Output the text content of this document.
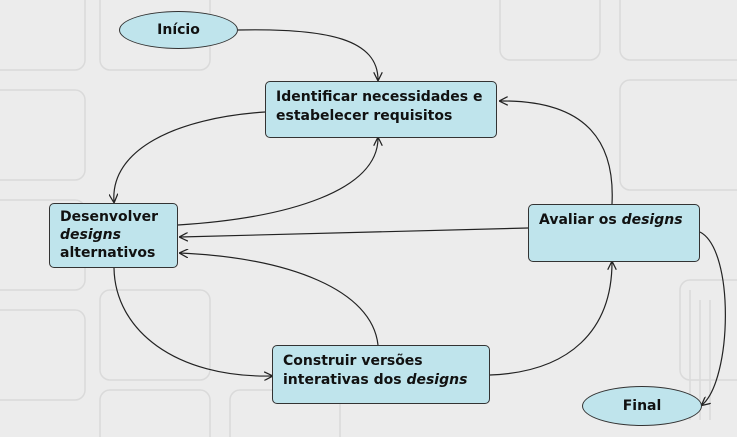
Início
Identificar necessidades e
estabelecer requisitos
Desenvolver
designs
alternativos
Avaliar os designs
Construir versões
interativas dos designs
Final
